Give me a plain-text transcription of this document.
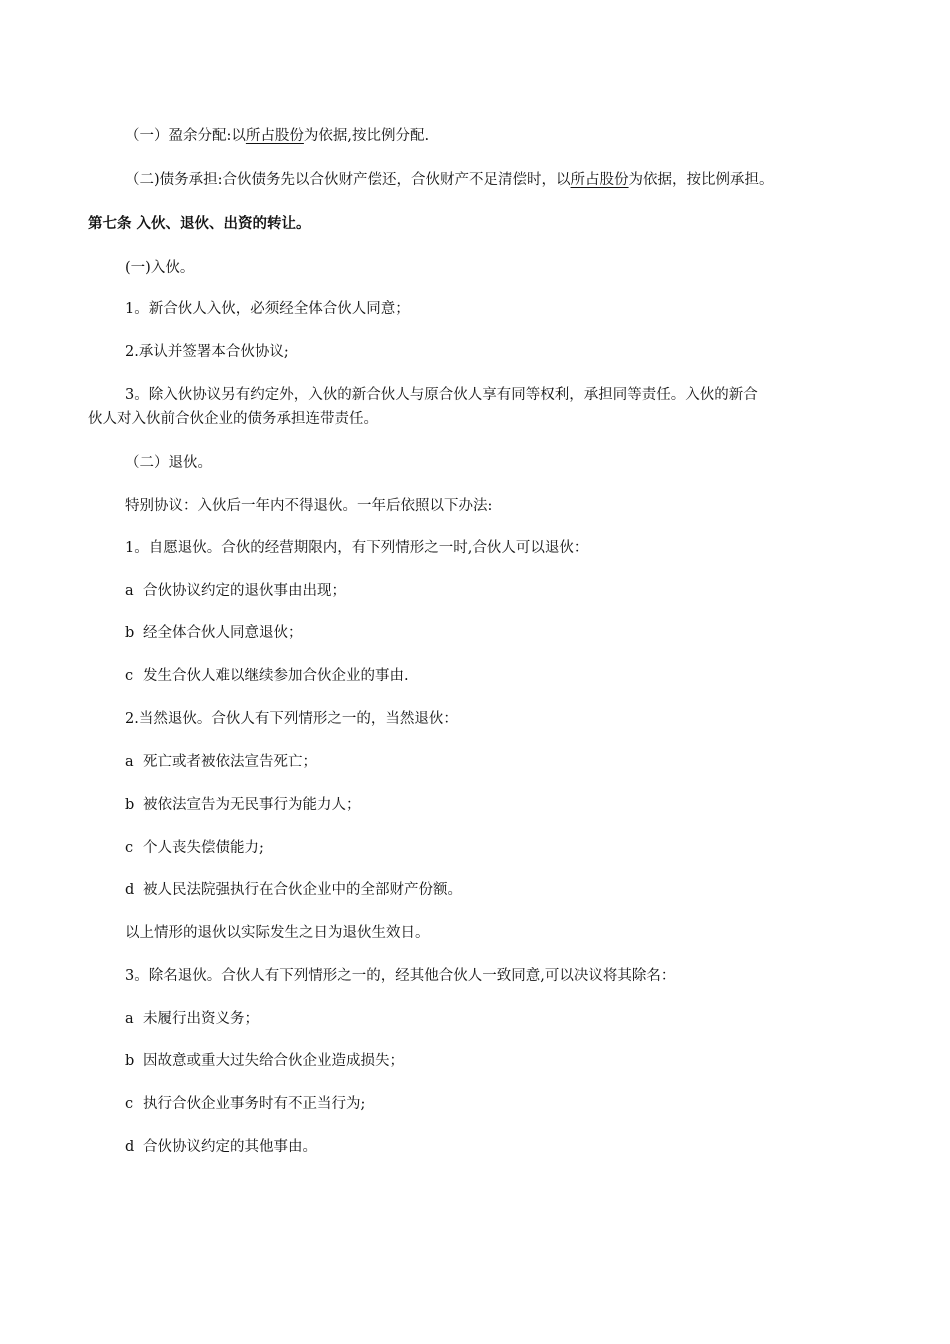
（一）盈余分配:以所占股份为依据,按比例分配.
（二)债务承担:合伙债务先以合伙财产偿还，合伙财产不足清偿时，以所占股份为依据，按比例承担。
第七条 入伙、退伙、出资的转让。
(一)入伙。
1。新合伙人入伙，必须经全体合伙人同意；
2.承认并签署本合伙协议;
3。除入伙协议另有约定外，入伙的新合伙人与原合伙人享有同等权利，承担同等责任。入伙的新合
伙人对入伙前合伙企业的债务承担连带责任。
（二）退伙。
特别协议：入伙后一年内不得退伙。一年后依照以下办法:
1。自愿退伙。合伙的经营期限内，有下列情形之一时,合伙人可以退伙：
a 合伙协议约定的退伙事由出现；
b 经全体合伙人同意退伙；
c 发生合伙人难以继续参加合伙企业的事由.
2.当然退伙。合伙人有下列情形之一的，当然退伙：
a 死亡或者被依法宣告死亡；
b 被依法宣告为无民事行为能力人；
c 个人丧失偿债能力;
d 被人民法院强执行在合伙企业中的全部财产份额。
以上情形的退伙以实际发生之日为退伙生效日。
3。除名退伙。合伙人有下列情形之一的，经其他合伙人一致同意,可以决议将其除名：
a 未履行出资义务；
b 因故意或重大过失给合伙企业造成损失；
c 执行合伙企业事务时有不正当行为;
d 合伙协议约定的其他事由。
